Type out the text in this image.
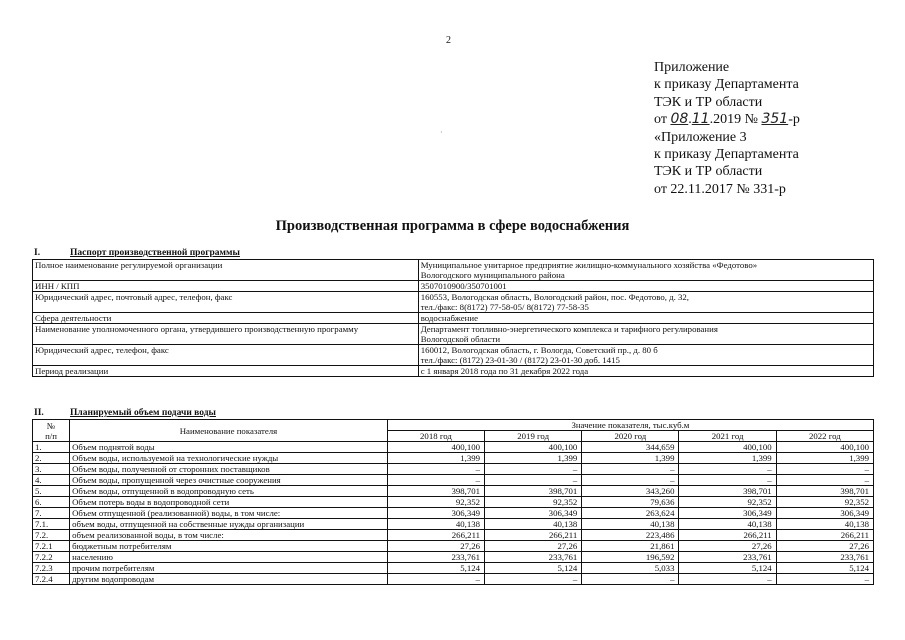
2
Приложение
к приказу Департамента
ТЭК и ТР области
от 08.11.2019 № 351-р
«Приложение 3
к приказу Департамента
ТЭК и ТР области
от 22.11.2017 № 331-р
·
Производственная программа в сфере водоснабжения
I.	Паспорт производственной программы
Полное наименование регулируемой организации	Муниципальное унитарное предприятие жилищно-коммунального хозяйства «Федотово»
Вологодского муниципального района

ИНН / КПП	3507010900/350701001

Юридический адрес, почтовый адрес, телефон, факс	160553, Вологодская область, Вологодский район, пос. Федотово, д. 32,
тел./факс: 8(8172) 77-58-05/ 8(8172) 77-58-35

Сфера деятельности	водоснабжение

Наименование уполномоченного органа, утвердившего производственную программу	Департамент топливно-энергетического комплекса и тарифного регулирования
Вологодской области

Юридический адрес, телефон, факс	160012, Вологодская область, г. Вологда, Советский пр., д. 80 б
тел./факс: (8172) 23-01-30 / (8172) 23-01-30 доб. 1415

Период реализации	с 1 января 2018 года по 31 декабря 2022 года
II.	Планируемый объем подачи воды
№
п/п	Наименование показателя	Значение показателя, тыс.куб.м				
		2018 год	2019 год	2020 год	2021 год	2022 год
1.	Объем поднятой воды	400,100	400,100	344,659	400,100	400,100
2.	Объем воды, используемой на технологические нужды	1,399	1,399	1,399	1,399	1,399
3.	Объем воды, полученной от сторонних поставщиков	–	–	–	–	–
4.	Объем воды, пропущенной через очистные сооружения	–	–	–	–	–
5.	Объем воды, отпущенной в водопроводную сеть	398,701	398,701	343,260	398,701	398,701
6.	Объем потерь воды в водопроводной сети	92,352	92,352	79,636	92,352	92,352
7.	Объем отпущенной (реализованной) воды, в том числе:	306,349	306,349	263,624	306,349	306,349
7.1.	объем воды, отпущенной на собственные нужды организации	40,138	40,138	40,138	40,138	40,138
7.2.	объем реализованной воды, в том числе:	266,211	266,211	223,486	266,211	266,211
7.2.1	бюджетным потребителям	27,26	27,26	21,861	27,26	27,26
7.2.2	населению	233,761	233,761	196,592	233,761	233,761
7.2.3	прочим потребителям	5,124	5,124	5,033	5,124	5,124
7.2.4	другим водопроводам	–	–	–	–	–
